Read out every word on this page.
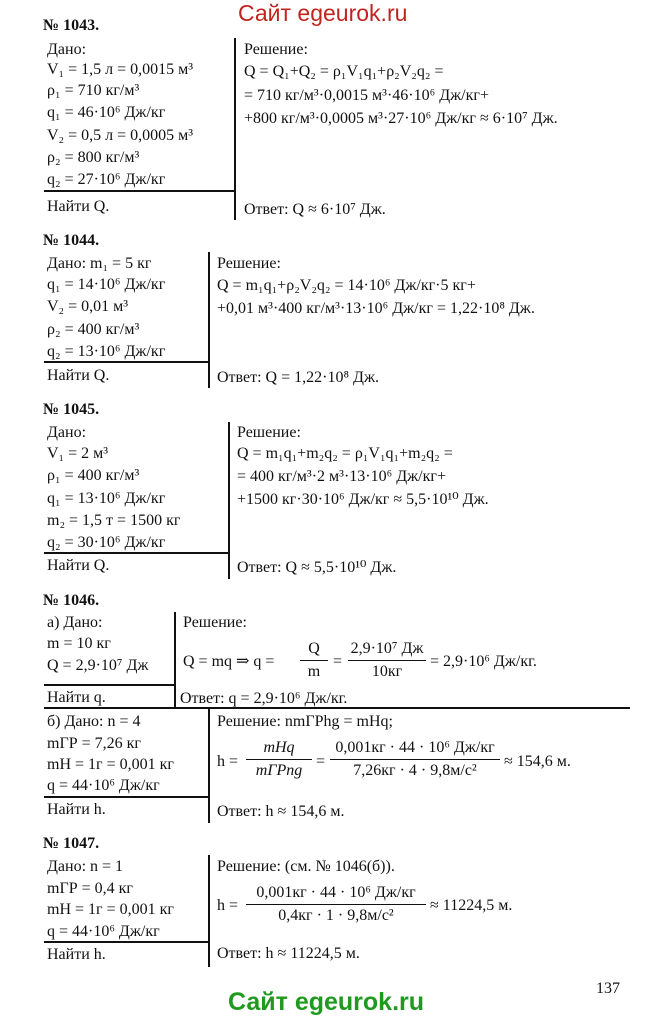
Сайт egeurok.ru
Сайт egeurok.ru	137
№ 1043.
Дано:
V₁ = 1,5 л = 0,0015 м³
ρ₁ = 710 кг/м³
q₁ = 46·10⁶ Дж/кг
V₂ = 0,5 л = 0,0005 м³
ρ₂ = 800 кг/м³
q₂ = 27·10⁶ Дж/кг
Найти Q.
Решение:
Q = Q₁+Q₂ = ρ₁V₁q₁+ρ₂V₂q₂ =
= 710 кг/м³·0,0015 м³·46·10⁶ Дж/кг+
+800 кг/м³·0,0005 м³·27·10⁶ Дж/кг ≈ 6·10⁷ Дж.
Ответ: Q ≈ 6·10⁷ Дж.
№ 1044.
Дано: m₁ = 5 кг
q₁ = 14·10⁶ Дж/кг
V₂ = 0,01 м³
ρ₂ = 400 кг/м³
q₂ = 13·10⁶ Дж/кг
Найти Q.
Решение:
Q = m₁q₁+ρ₂V₂q₂ = 14·10⁶ Дж/кг·5 кг+
+0,01 м³·400 кг/м³·13·10⁶ Дж/кг = 1,22·10⁸ Дж.
Ответ: Q = 1,22·10⁸ Дж.
№ 1045.
Дано:
V₁ = 2 м³
ρ₁ = 400 кг/м³
q₁ = 13·10⁶ Дж/кг
m₂ = 1,5 т = 1500 кг
q₂ = 30·10⁶ Дж/кг
Найти Q.
Решение:
Q = m₁q₁+m₂q₂ = ρ₁V₁q₁+m₂q₂ =
= 400 кг/м³·2 м³·13·10⁶ Дж/кг+
+1500 кг·30·10⁶ Дж/кг ≈ 5,5·10¹⁰ Дж.
Ответ: Q ≈ 5,5·10¹⁰ Дж.
№ 1046.
а) Дано:
m = 10 кг
Q = 2,9·10⁷ Дж
Найти q.
Решение:
Q = mq ⇒ q =
Q
m
=
2,9·10⁷ Дж
10кг
= 2,9·10⁶ Дж/кг.
Ответ: q = 2,9·10⁶ Дж/кг.
б) Дано: n = 4
mГР = 7,26 кг
mН = 1г = 0,001 кг
q = 44·10⁶ Дж/кг
Найти h.
Решение: nmГРhg = mНq;
h =
mНq
mГРng
=
0,001кг · 44 · 10⁶ Дж/кг
7,26кг · 4 · 9,8м/c²
≈ 154,6 м.
Ответ: h ≈ 154,6 м.
№ 1047.
Дано: n = 1
mГР = 0,4 кг
mН = 1г = 0,001 кг
q = 44·10⁶ Дж/кг
Найти h.
Решение: (см. № 1046(б)).
h =
0,001кг · 44 · 10⁶ Дж/кг
0,4кг · 1 · 9,8м/c²
≈ 11224,5 м.
Ответ: h ≈ 11224,5 м.
